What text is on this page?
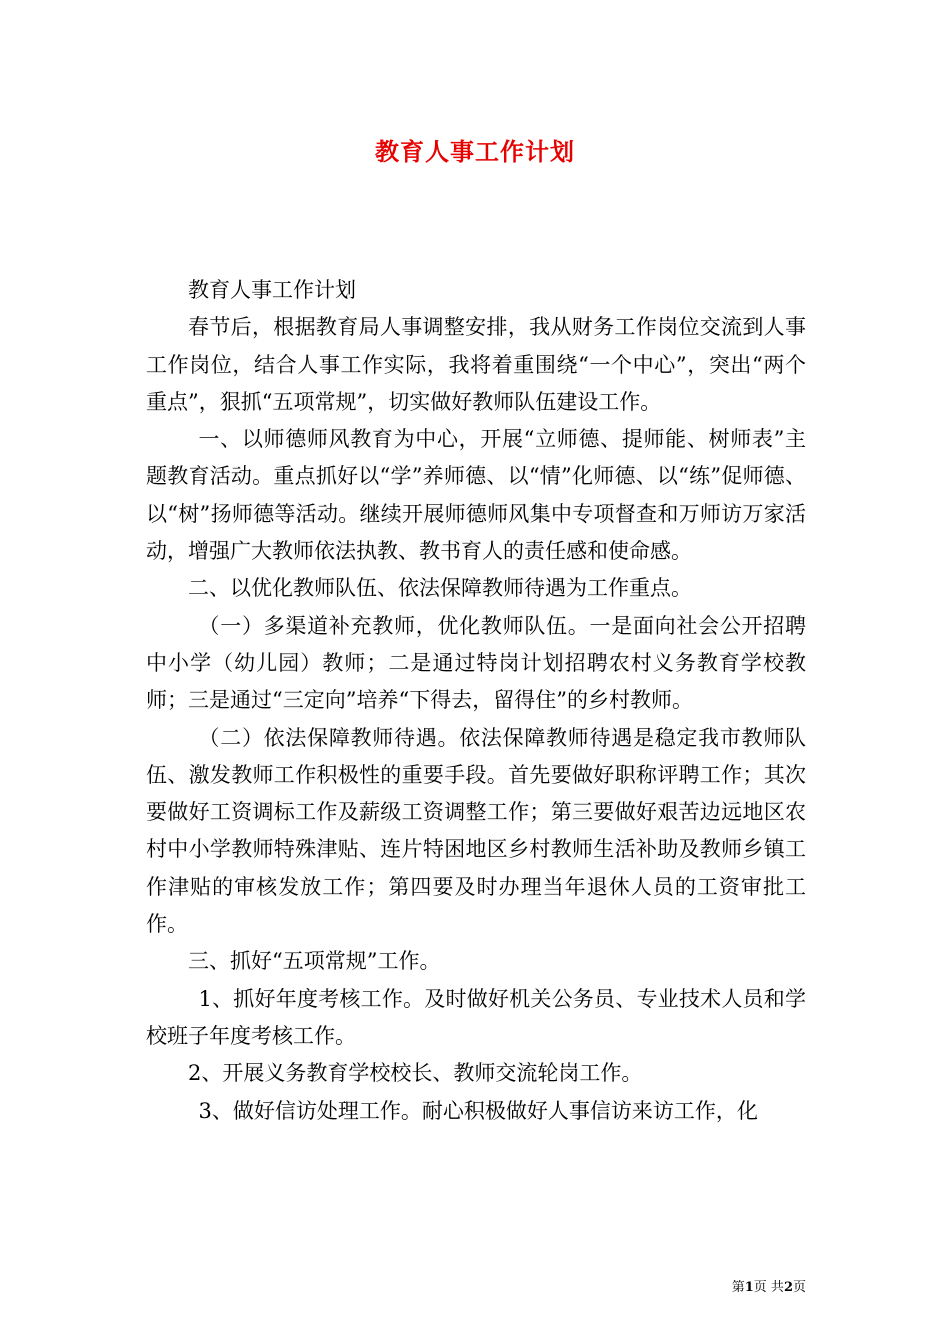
教育人事工作计划

教育人事工作计划

春节后，根据教育局人事调整安排，我从财务工作岗位交流到人事工作岗位，结合人事工作实际，我将着重围绕“一个中心”，突出“两个重点”，狠抓“五项常规”，切实做好教师队伍建设工作。

一、以师德师风教育为中心，开展“立师德、提师能、树师表”主题教育活动。重点抓好以“学”养师德、以“情”化师德、以“练”促师德、以“树”扬师德等活动。继续开展师德师风集中专项督查和万师访万家活动，增强广大教师依法执教、教书育人的责任感和使命感。

二、以优化教师队伍、依法保障教师待遇为工作重点。

（一）多渠道补充教师，优化教师队伍。一是面向社会公开招聘中小学（幼儿园）教师；二是通过特岗计划招聘农村义务教育学校教师；三是通过“三定向”培养“下得去，留得住”的乡村教师。

（二）依法保障教师待遇。依法保障教师待遇是稳定我市教师队伍、激发教师工作积极性的重要手段。首先要做好职称评聘工作；其次要做好工资调标工作及薪级工资调整工作；第三要做好艰苦边远地区农村中小学教师特殊津贴、连片特困地区乡村教师生活补助及教师乡镇工作津贴的审核发放工作；第四要及时办理当年退休人员的工资审批工作。

三、抓好“五项常规”工作。

1、抓好年度考核工作。及时做好机关公务员、专业技术人员和学校班子年度考核工作。

2、开展义务教育学校校长、教师交流轮岗工作。

3、做好信访处理工作。耐心积极做好人事信访来访工作，化

第1页 共2页
